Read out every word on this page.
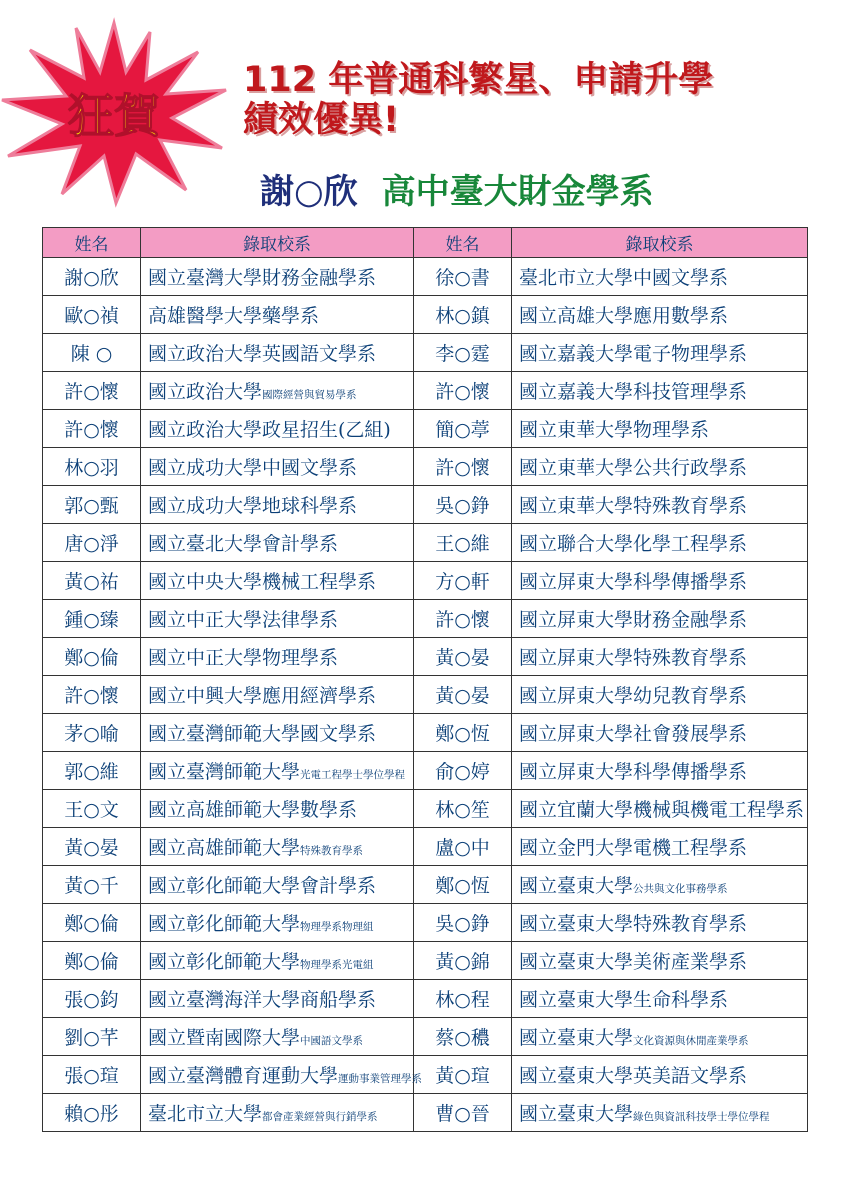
狂賀
112 年普通科繁星、申請升學
績效優異!
謝○欣 高中臺大財金學系
姓名	錄取校系	姓名	錄取校系
謝○欣	國立臺灣大學財務金融學系	徐○書	臺北市立大學中國文學系
歐○禎	高雄醫學大學藥學系	林○鎮	國立高雄大學應用數學系
陳 ○	國立政治大學英國語文學系	李○霆	國立嘉義大學電子物理學系
許○懷	國立政治大學國際經營與貿易學系	許○懷	國立嘉義大學科技管理學系
許○懷	國立政治大學政星招生(乙組)	簡○葶	國立東華大學物理學系
林○羽	國立成功大學中國文學系	許○懷	國立東華大學公共行政學系
郭○甄	國立成功大學地球科學系	吳○錚	國立東華大學特殊教育學系
唐○淨	國立臺北大學會計學系	王○維	國立聯合大學化學工程學系
黃○祐	國立中央大學機械工程學系	方○軒	國立屏東大學科學傳播學系
鍾○臻	國立中正大學法律學系	許○懷	國立屏東大學財務金融學系
鄭○倫	國立中正大學物理學系	黃○晏	國立屏東大學特殊教育學系
許○懷	國立中興大學應用經濟學系	黃○晏	國立屏東大學幼兒教育學系
茅○喻	國立臺灣師範大學國文學系	鄭○恆	國立屏東大學社會發展學系
郭○維	國立臺灣師範大學光電工程學士學位學程	俞○婷	國立屏東大學科學傳播學系
王○文	國立高雄師範大學數學系	林○笙	國立宜蘭大學機械與機電工程學系
黃○晏	國立高雄師範大學特殊教育學系	盧○中	國立金門大學電機工程學系
黃○千	國立彰化師範大學會計學系	鄭○恆	國立臺東大學公共與文化事務學系
鄭○倫	國立彰化師範大學物理學系物理組	吳○錚	國立臺東大學特殊教育學系
鄭○倫	國立彰化師範大學物理學系光電組	黃○錦	國立臺東大學美術產業學系
張○鈞	國立臺灣海洋大學商船學系	林○程	國立臺東大學生命科學系
劉○芊	國立暨南國際大學中國語文學系	蔡○穠	國立臺東大學文化資源與休閒產業學系
張○瑄	國立臺灣體育運動大學運動事業管理學系	黃○瑄	國立臺東大學英美語文學系
賴○彤	臺北市立大學都會產業經營與行銷學系	曹○晉	國立臺東大學綠色與資訊科技學士學位學程
